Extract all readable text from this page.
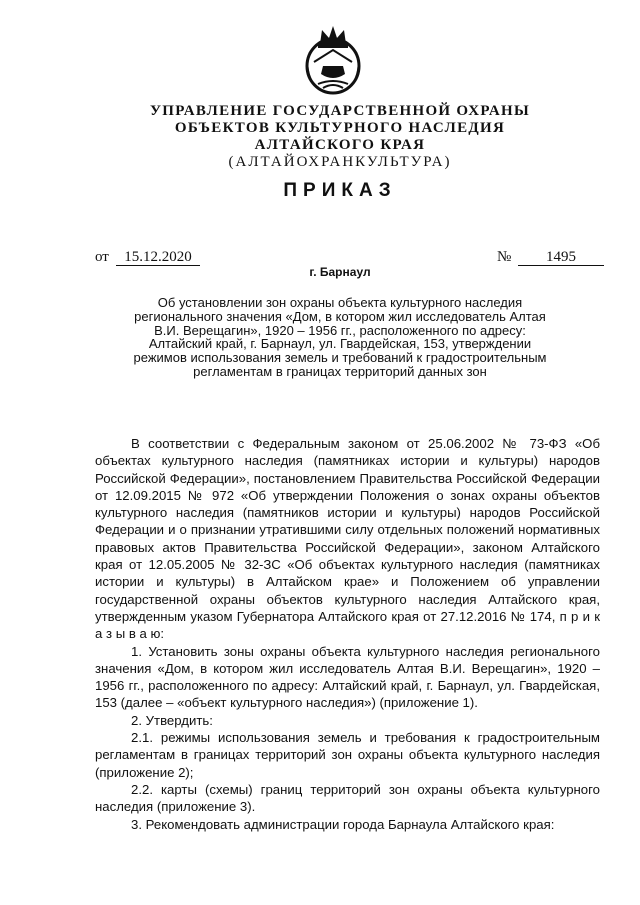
УПРАВЛЕНИЕ ГОСУДАРСТВЕННОЙ ОХРАНЫ
ОБЪЕКТОВ КУЛЬТУРНОГО НАСЛЕДИЯ
АЛТАЙСКОГО КРАЯ
(АЛТАЙОХРАНКУЛЬТУРА)
ПРИКАЗ
от	15.12.2020	№	1495
г. Барнаул
Об установлении зон охраны объекта культурного наследия регионального значения «Дом, в котором жил исследователь Алтая В.И. Верещагин», 1920 – 1956 гг., расположенного по адресу: Алтайский край, г. Барнаул, ул. Гвардейская, 153, утверждении режимов использования земель и требований к градостроительным регламентам в границах территорий данных зон

В соответствии с Федеральным законом от 25.06.2002 № 73-ФЗ «Об объектах культурного наследия (памятниках истории и культуры) народов Российской Федерации», постановлением Правительства Российской Федерации от 12.09.2015 № 972 «Об утверждении Положения о зонах охраны объектов культурного наследия (памятников истории и культуры) народов Российской Федерации и о признании утратившими силу отдельных положений нормативных правовых актов Правительства Российской Федерации», законом Алтайского края от 12.05.2005 № 32-ЗС «Об объектах культурного наследия (памятниках истории и культуры) в Алтайском крае» и Положением об управлении государственной охраны объектов культурного наследия Алтайского края, утвержденным указом Губернатора Алтайского края от 27.12.2016 № 174, п р и к а з ы в а ю:

1. Установить зоны охраны объекта культурного наследия регионального значения «Дом, в котором жил исследователь Алтая В.И. Верещагин», 1920 – 1956 гг., расположенного по адресу: Алтайский край, г. Барнаул, ул. Гвардейская, 153 (далее – «объект культурного наследия») (приложение 1).

2. Утвердить:

2.1. режимы использования земель и требования к градостроительным регламентам в границах территорий зон охраны объекта культурного наследия (приложение 2);

2.2. карты (схемы) границ территорий зон охраны объекта культурного наследия (приложение 3).

3. Рекомендовать администрации города Барнаула Алтайского края:
